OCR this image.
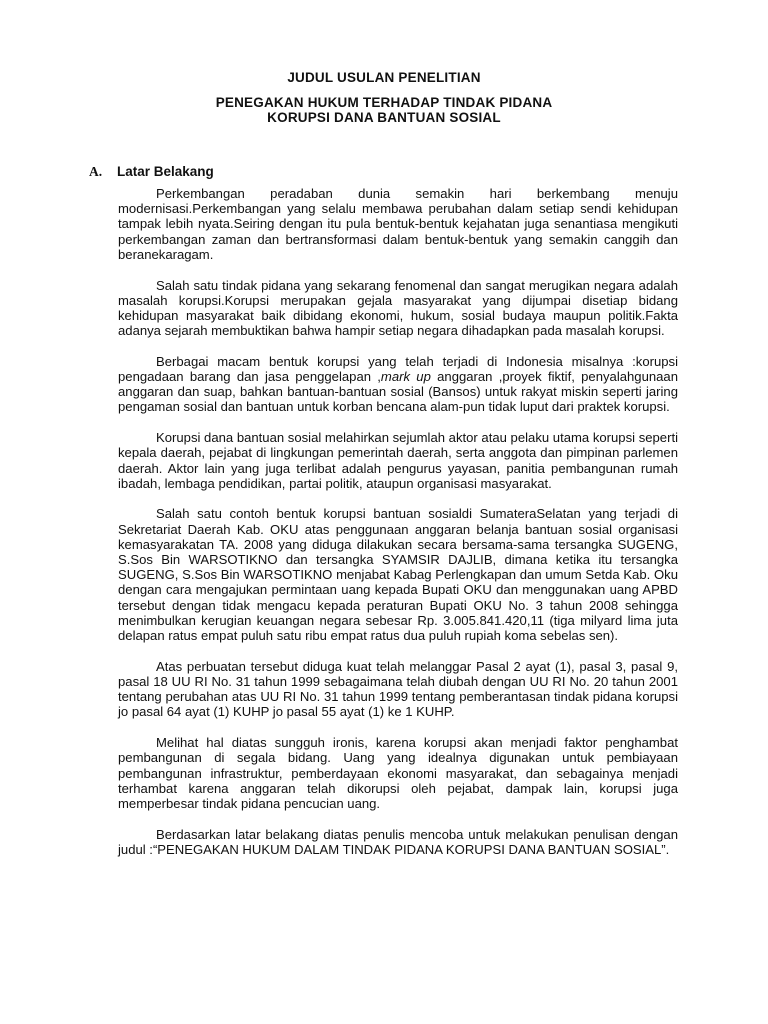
JUDUL USULAN PENELITIAN
PENEGAKAN HUKUM TERHADAP TINDAK PIDANA
KORUPSI DANA BANTUAN SOSIAL
A. Latar Belakang

Perkembangan peradaban dunia semakin hari berkembang menuju modernisasi.Perkembangan yang selalu membawa perubahan dalam setiap sendi kehidupan tampak lebih nyata.Seiring dengan itu pula bentuk-bentuk kejahatan juga senantiasa mengikuti perkembangan zaman dan bertransformasi dalam bentuk-bentuk yang semakin canggih dan beranekaragam.

Salah satu tindak pidana yang sekarang fenomenal dan sangat merugikan negara adalah masalah korupsi.Korupsi merupakan gejala masyarakat yang dijumpai disetiap bidang kehidupan masyarakat baik dibidang ekonomi, hukum, sosial budaya maupun politik.Fakta adanya sejarah membuktikan bahwa hampir setiap negara dihadapkan pada masalah korupsi.

Berbagai macam bentuk korupsi yang telah terjadi di Indonesia misalnya :korupsi pengadaan barang dan jasa penggelapan ,mark up anggaran ,proyek fiktif, penyalahgunaan anggaran dan suap, bahkan bantuan-bantuan sosial (Bansos) untuk rakyat miskin seperti jaring pengaman sosial dan bantuan untuk korban bencana alam-pun tidak luput dari praktek korupsi.

Korupsi dana bantuan sosial melahirkan sejumlah aktor atau pelaku utama korupsi seperti kepala daerah, pejabat di lingkungan pemerintah daerah, serta anggota dan pimpinan parlemen daerah. Aktor lain yang juga terlibat adalah pengurus yayasan, panitia pembangunan rumah ibadah, lembaga pendidikan, partai politik, ataupun organisasi masyarakat.

Salah satu contoh bentuk korupsi bantuan sosialdi SumateraSelatan yang terjadi di Sekretariat Daerah Kab. OKU atas penggunaan anggaran belanja bantuan sosial organisasi kemasyarakatan TA. 2008 yang diduga dilakukan secara bersama-sama tersangka SUGENG, S.Sos Bin WARSOTIKNO dan tersangka SYAMSIR DAJLIB, dimana ketika itu tersangka SUGENG, S.Sos Bin WARSOTIKNO menjabat Kabag Perlengkapan dan umum Setda Kab. Oku dengan cara mengajukan permintaan uang kepada Bupati OKU dan menggunakan uang APBD tersebut dengan tidak mengacu kepada peraturan Bupati OKU No. 3 tahun 2008 sehingga menimbulkan kerugian keuangan negara sebesar Rp. 3.005.841.420,11 (tiga milyard lima juta delapan ratus empat puluh satu ribu empat ratus dua puluh rupiah koma sebelas sen).

Atas perbuatan tersebut diduga kuat telah melanggar Pasal 2 ayat (1), pasal 3, pasal 9, pasal 18 UU RI No. 31 tahun 1999 sebagaimana telah diubah dengan UU RI No. 20 tahun 2001 tentang perubahan atas UU RI No. 31 tahun 1999 tentang pemberantasan tindak pidana korupsi jo pasal 64 ayat (1) KUHP jo pasal 55 ayat (1) ke 1 KUHP.

Melihat hal diatas sungguh ironis, karena korupsi akan menjadi faktor penghambat pembangunan di segala bidang. Uang yang idealnya digunakan untuk pembiayaan pembangunan infrastruktur, pemberdayaan ekonomi masyarakat, dan sebagainya menjadi terhambat karena anggaran telah dikorupsi oleh pejabat, dampak lain, korupsi juga memperbesar tindak pidana pencucian uang.

Berdasarkan latar belakang diatas penulis mencoba untuk melakukan penulisan dengan judul :“PENEGAKAN HUKUM DALAM TINDAK PIDANA KORUPSI DANA BANTUAN SOSIAL”.
